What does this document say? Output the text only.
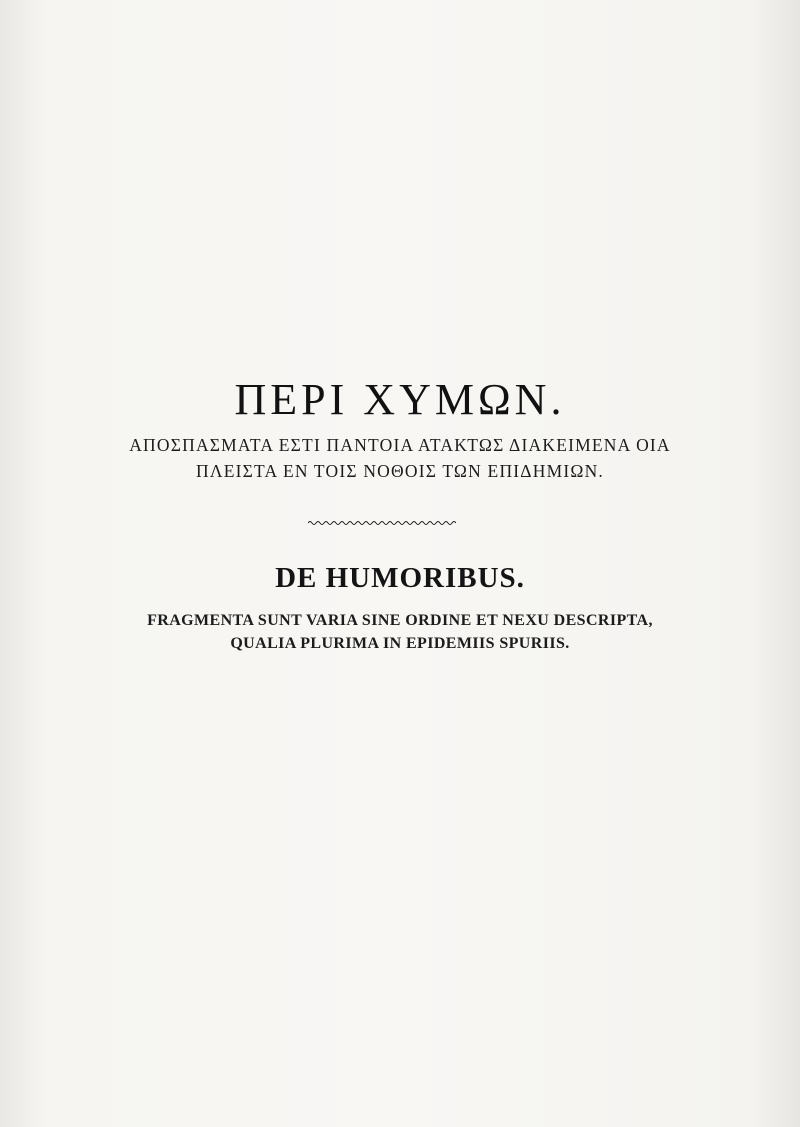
ΠΕΡΙ ΧΥΜΩΝ.
ΑΠΟΣΠΑΣΜΑΤΑ ΕΣΤΙ ΠΑΝΤΟΙΑ ΑΤΑΚΤΩΣ ΔΙΑΚΕΙΜΕΝΑ ΟΙΑ
ΠΛΕΙΣΤΑ ΕΝ ΤΟΙΣ ΝΟΘΟΙΣ ΤΩΝ ΕΠΙΔΗΜΙΩΝ.
DE HUMORIBUS.
FRAGMENTA SUNT VARIA SINE ORDINE ET NEXU DESCRIPTA,
QUALIA PLURIMA IN EPIDEMIIS SPURIIS.
